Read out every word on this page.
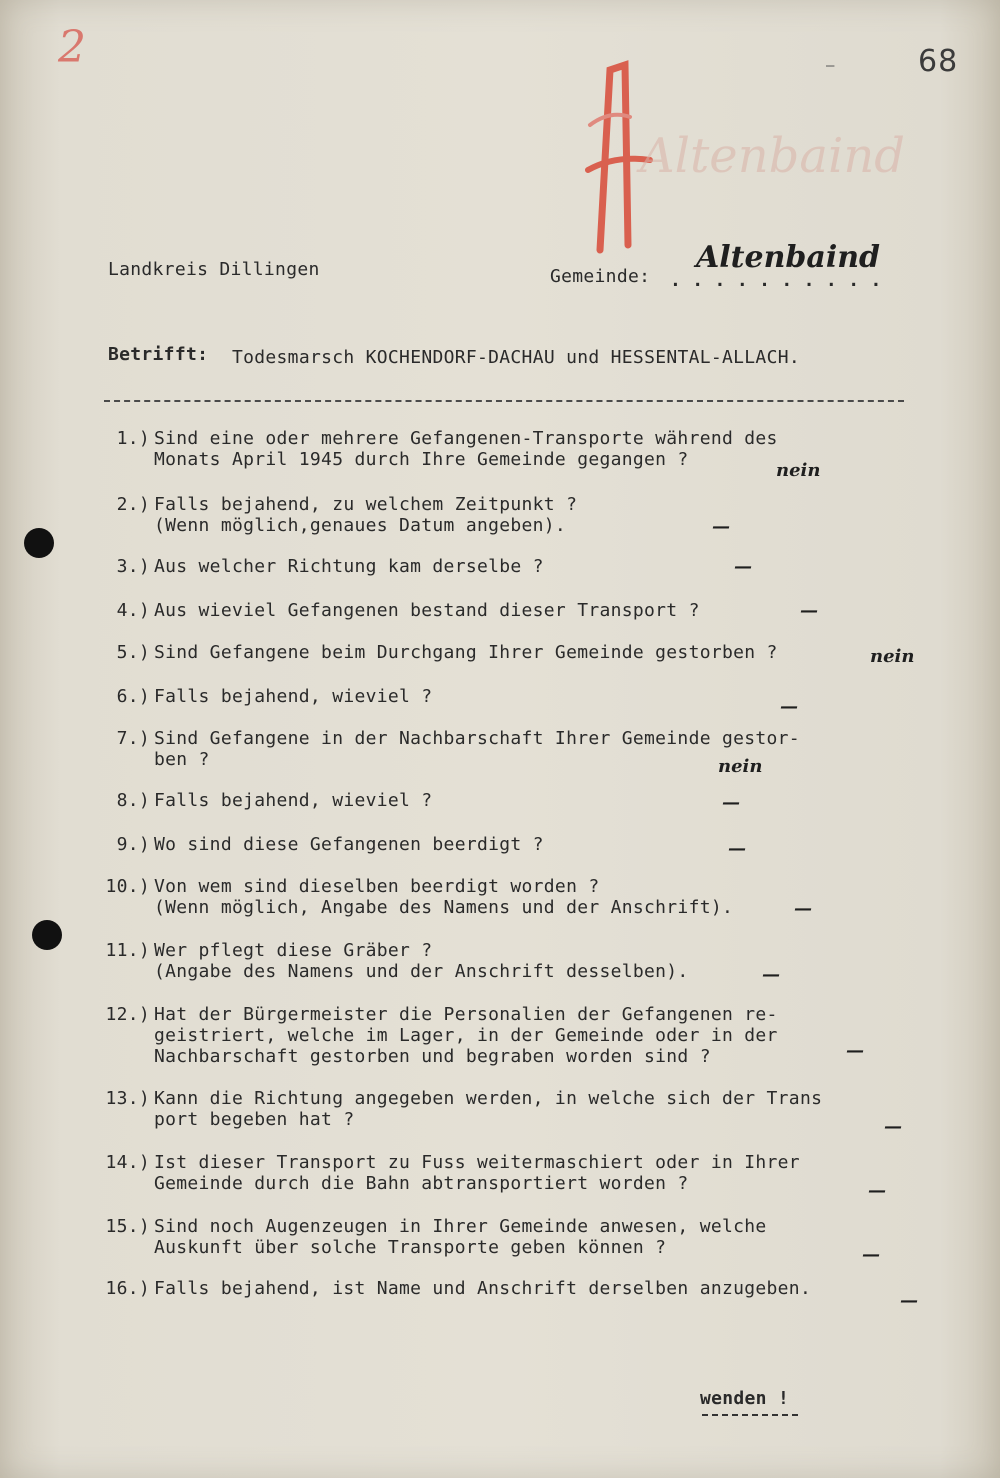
2	–	68
Altenbaind
Landkreis Dillingen	Gemeinde: . . . . . . . . . .
Altenbaind
Betrifft: Todesmarsch KOCHENDORF-DACHAU und HESSENTAL-ALLACH.
1.) Sind eine oder mehrere Gefangenen-Transporte während des
Monats April 1945 durch Ihre Gemeinde gegangen ?
nein
2.) Falls bejahend, zu welchem Zeitpunkt ?
(Wenn möglich,genaues Datum angeben).	—
3.) Aus welcher Richtung kam derselbe ?	—
4.) Aus wieviel Gefangenen bestand dieser Transport ?	—
5.) Sind Gefangene beim Durchgang Ihrer Gemeinde gestorben ?	nein
6.) Falls bejahend, wieviel ?	—
7.) Sind Gefangene in der Nachbarschaft Ihrer Gemeinde gestor-
ben ?	nein
8.) Falls bejahend, wieviel ?	—
9.) Wo sind diese Gefangenen beerdigt ?	—
10.) Von wem sind dieselben beerdigt worden ?
(Wenn möglich, Angabe des Namens und der Anschrift).	—
11.) Wer pflegt diese Gräber ?
(Angabe des Namens und der Anschrift desselben).	—
12.) Hat der Bürgermeister die Personalien der Gefangenen re-
geistriert, welche im Lager, in der Gemeinde oder in der
Nachbarschaft gestorben und begraben worden sind ?	—
13.) Kann die Richtung angegeben werden, in welche sich der Trans
port begeben hat ?	—
14.) Ist dieser Transport zu Fuss weitermaschiert oder in Ihrer
Gemeinde durch die Bahn abtransportiert worden ?	—
15.) Sind noch Augenzeugen in Ihrer Gemeinde anwesen, welche
Auskunft über solche Transporte geben können ?	—
16.) Falls bejahend, ist Name und Anschrift derselben anzugeben.
—
wenden !
